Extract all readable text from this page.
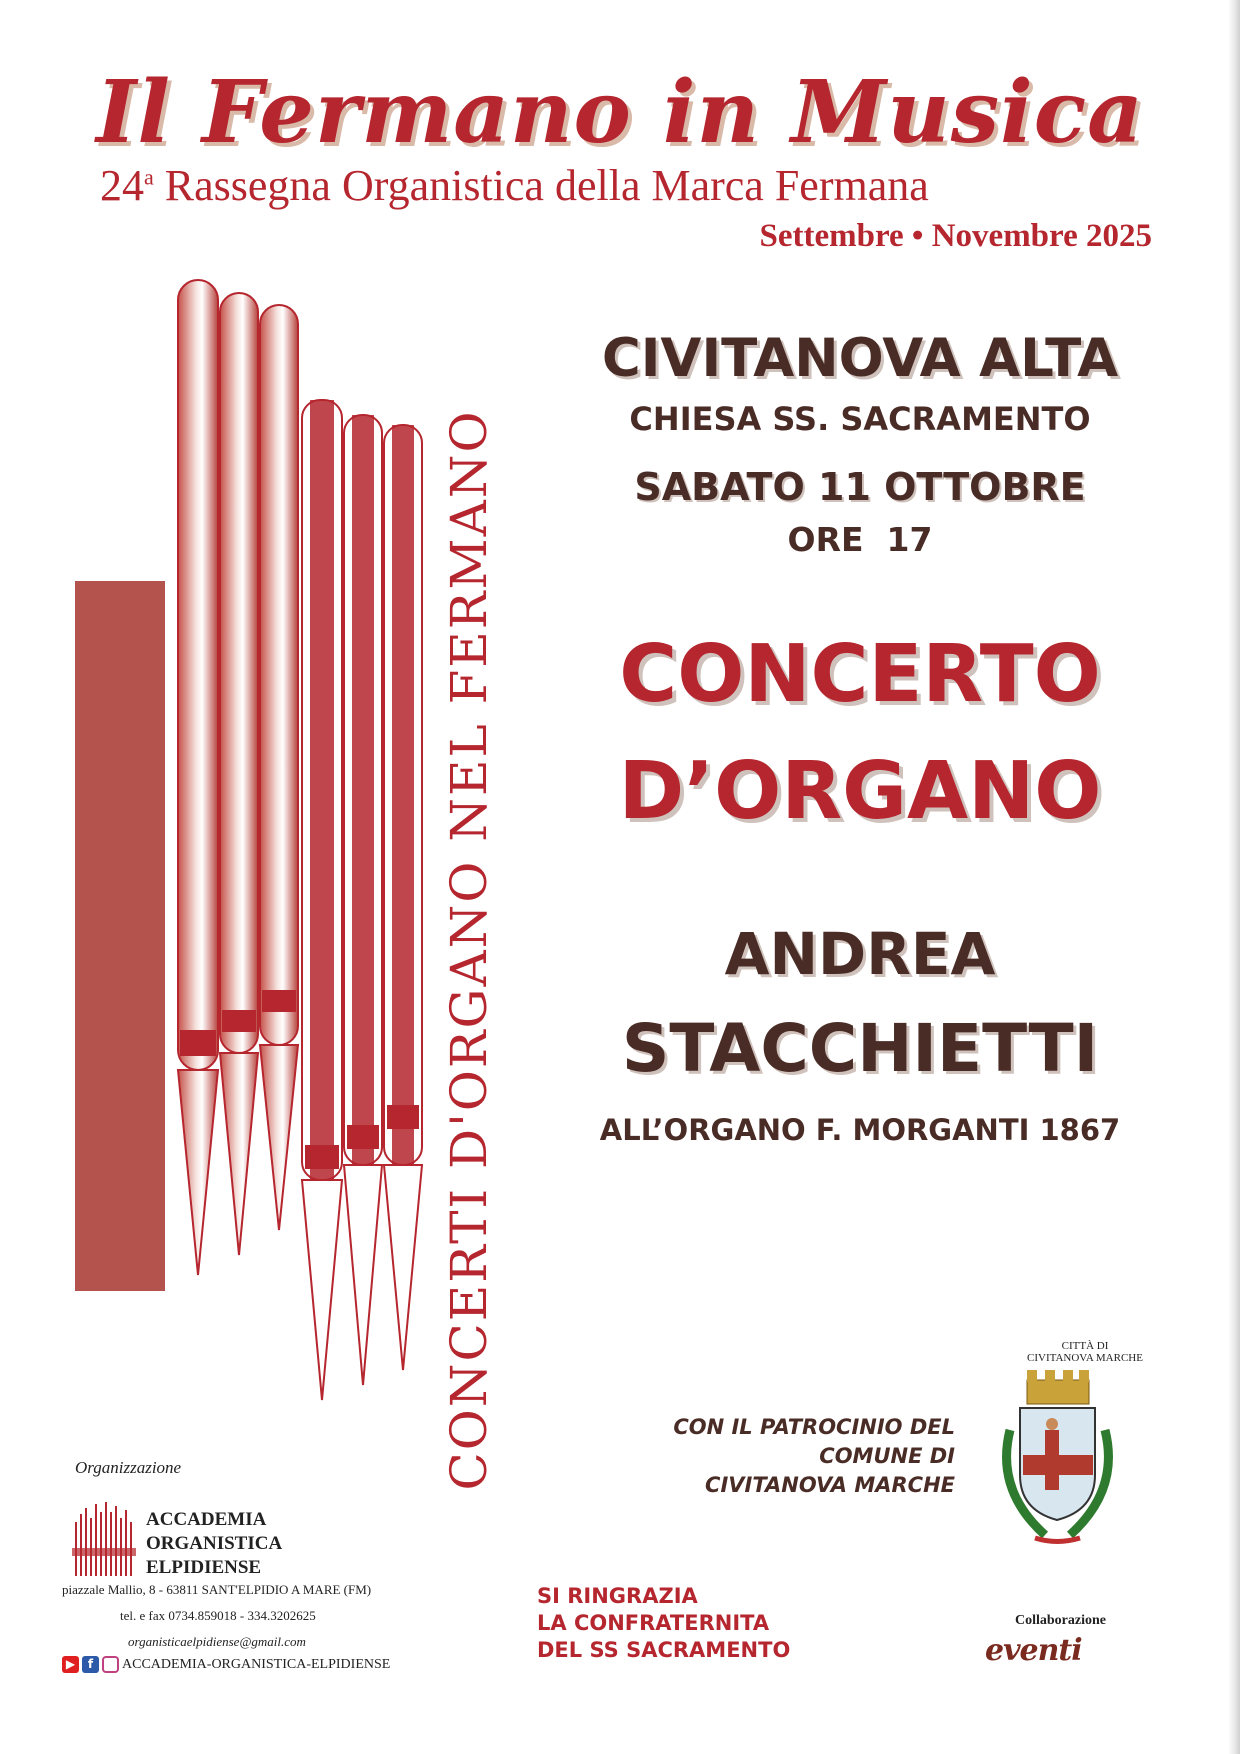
Il Fermano in Musica
24$^a$ Rassegna Organistica della Marca Fermana
Settembre • Novembre 2025
CONCERTI D'ORGANO NEL FERMANO
CIVITANOVA ALTA
CHIESA SS. SACRAMENTO
SABATO 11 OTTOBRE
ORE  17
CONCERTO
D’ORGANO
ANDREA
STACCHIETTI
ALL’ORGANO F. MORGANTI 1867
CON IL PATROCINIO DEL
COMUNE DI
CIVITANOVA MARCHE
CITTÀ DI
CIVITANOVA MARCHE
SI RINGRAZIA
LA CONFRATERNITA
DEL SS SACRAMENTO
Organizzazione
ACCADEMIA
ORGANISTICA
ELPIDIENSE
piazzale Mallio, 8 - 63811 SANT'ELPIDIO A MARE (FM)
tel. e fax 0734.859018 - 334.3202625
organisticaelpidiense@gmail.com
▶	f	ACCADEMIA-ORGANISTICA-ELPIDIENSE
Collaborazione
eventi
